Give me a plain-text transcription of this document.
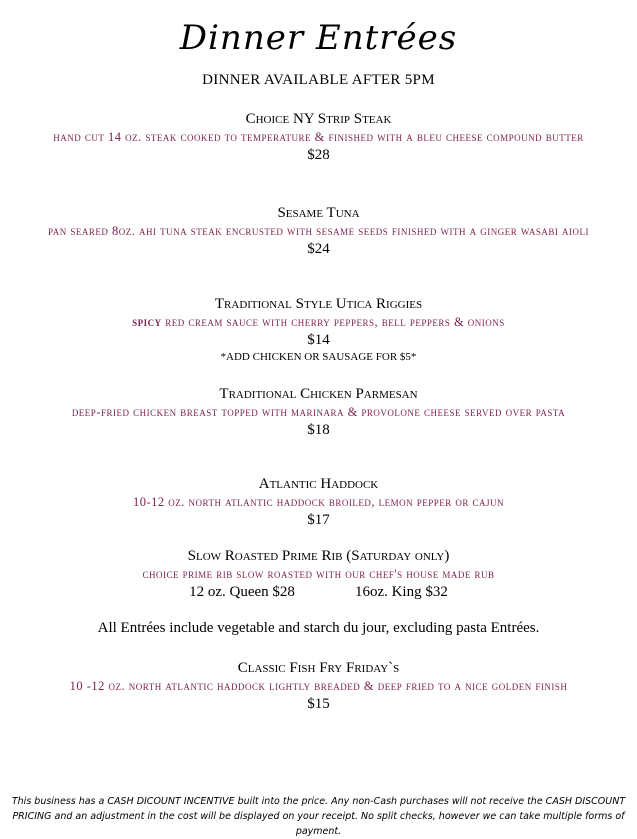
Dinner Entrées
DINNER AVAILABLE AFTER 5PM
Choice NY Strip Steak
hand cut 14 oz. steak cooked to temperature & finished with a bleu cheese compound butter
$28
Sesame Tuna
pan seared 8oz. ahi tuna steak encrusted with sesame seeds finished with a ginger wasabi aioli
$24
Traditional Style Utica Riggies
spicy red cream sauce with cherry peppers, bell peppers & onions
$14
*ADD CHICKEN OR SAUSAGE FOR $5*
Traditional Chicken Parmesan
deep-fried chicken breast topped with marinara & provolone cheese served over pasta
$18
Atlantic Haddock
10-12 oz. north atlantic haddock broiled, lemon pepper or cajun
$17
Slow Roasted Prime Rib (Saturday only)
choice prime rib slow roasted with our chef's house made rub
12 oz. Queen $28	16oz. King $32
All Entrées include vegetable and starch du jour, excluding pasta Entrées.
Classic Fish Fry Friday`s
10 -12 oz. north atlantic haddock lightly breaded & deep fried to a nice golden finish
$15
This business has a CASH DICOUNT INCENTIVE built into the price. Any non-Cash purchases will not receive the CASH DISCOUNT
PRICING and an adjustment in the cost will be displayed on your receipt. No split checks, however we can take multiple forms of payment.
